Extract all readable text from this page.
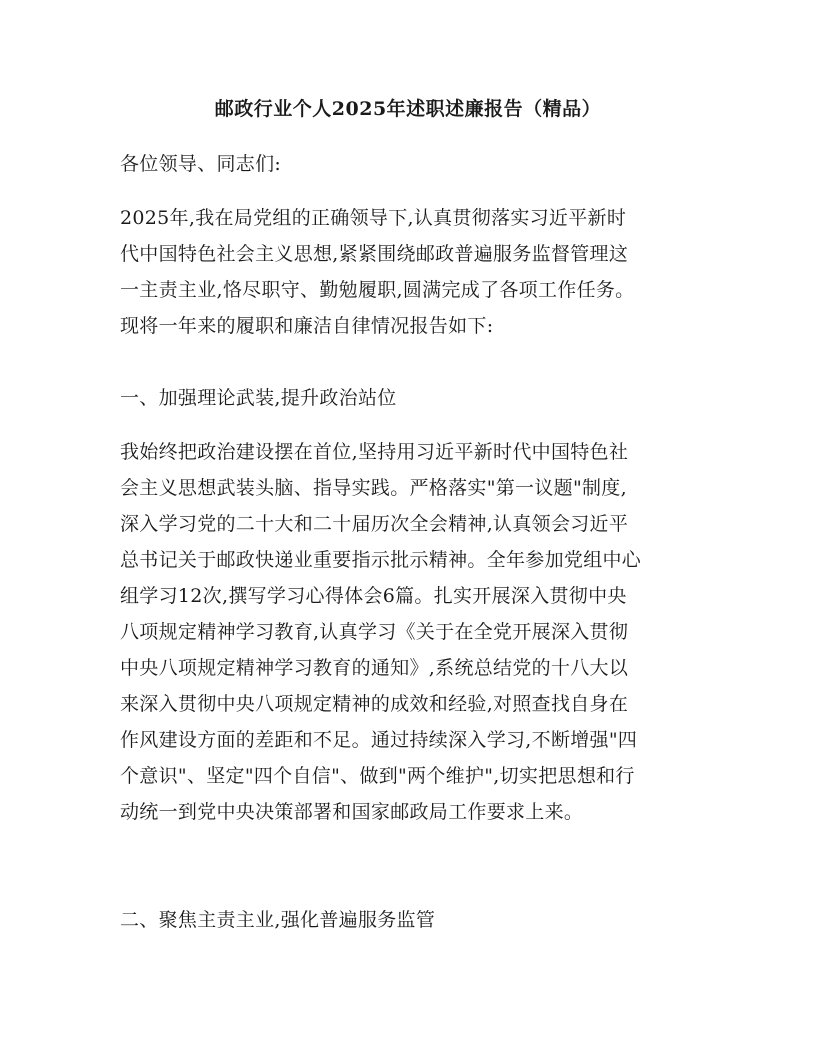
邮政行业个人2025年述职述廉报告（精品）

各位领导、同志们:

2025年,我在局党组的正确领导下,认真贯彻落实习近平新时
代中国特色社会主义思想,紧紧围绕邮政普遍服务监督管理这
一主责主业,恪尽职守、勤勉履职,圆满完成了各项工作任务。
现将一年来的履职和廉洁自律情况报告如下:

一、加强理论武装,提升政治站位

我始终把政治建设摆在首位,坚持用习近平新时代中国特色社
会主义思想武装头脑、指导实践。严格落实"第一议题"制度,
深入学习党的二十大和二十届历次全会精神,认真领会习近平
总书记关于邮政快递业重要指示批示精神。全年参加党组中心
组学习12次,撰写学习心得体会6篇。扎实开展深入贯彻中央
八项规定精神学习教育,认真学习《关于在全党开展深入贯彻
中央八项规定精神学习教育的通知》,系统总结党的十八大以
来深入贯彻中央八项规定精神的成效和经验,对照查找自身在
作风建设方面的差距和不足。通过持续深入学习,不断增强"四
个意识"、坚定"四个自信"、做到"两个维护",切实把思想和行
动统一到党中央决策部署和国家邮政局工作要求上来。

二、聚焦主责主业,强化普遍服务监管
